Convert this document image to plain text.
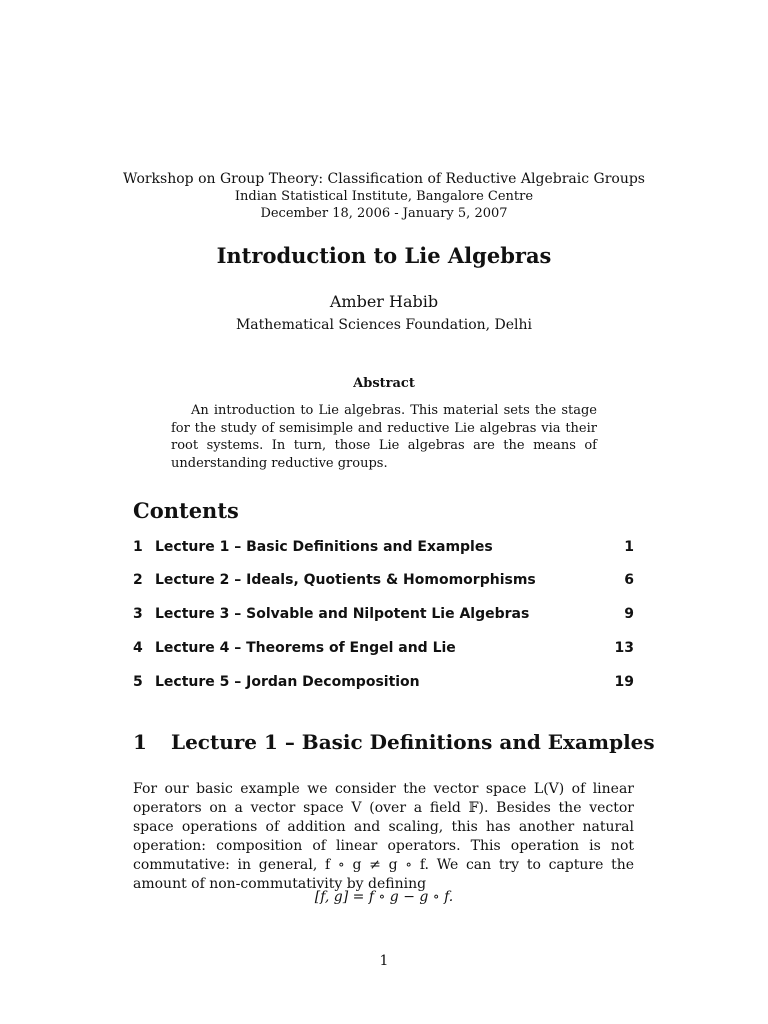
Workshop on Group Theory: Classification of Reductive Algebraic Groups
Indian Statistical Institute, Bangalore Centre
December 18, 2006 - January 5, 2007
Introduction to Lie Algebras
Amber Habib
Mathematical Sciences Foundation, Delhi
Abstract
An introduction to Lie algebras. This material sets the stage for the study of semisimple and reductive Lie algebras via their root systems. In turn, those Lie algebras are the means of understanding reductive groups.
Contents
1 Lecture 1 – Basic Definitions and Examples	1
2 Lecture 2 – Ideals, Quotients & Homomorphisms	6
3 Lecture 3 – Solvable and Nilpotent Lie Algebras	9
4 Lecture 4 – Theorems of Engel and Lie	13
5 Lecture 5 – Jordan Decomposition	19
1 Lecture 1 – Basic Definitions and Examples
For our basic example we consider the vector space L(V) of linear operators on a vector space V (over a field 𝔽). Besides the vector space operations of addition and scaling, this has another natural operation: composition of linear operators. This operation is not commutative: in general, f ∘ g ≠ g ∘ f. We can try to capture the amount of non-commutativity by defining
[f, g] = f ∘ g − g ∘ f.
1
